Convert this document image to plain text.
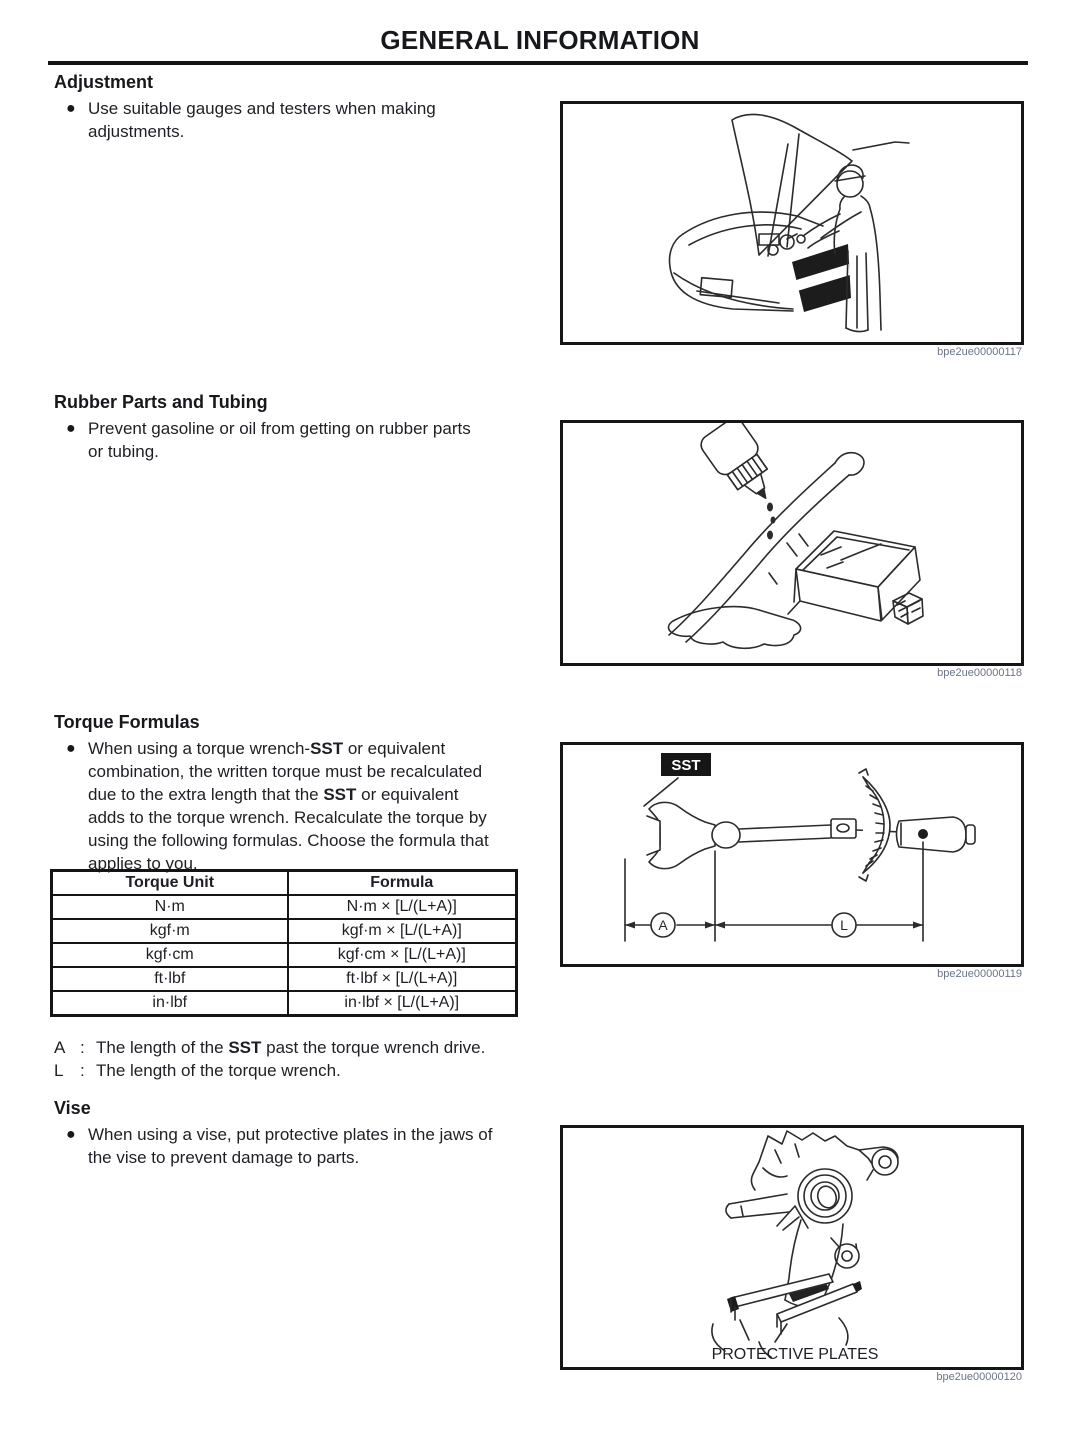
GENERAL INFORMATION
Adjustment
● Use suitable gauges and testers when making adjustments.
Rubber Parts and Tubing
● Prevent gasoline or oil from getting on rubber parts or tubing.
Torque Formulas
● When using a torque wrench-SST or equivalent combination, the written torque must be recalculated due to the extra length that the SST or equivalent adds to the torque wrench. Recalculate the torque by using the following formulas. Choose the formula that applies to you.
Torque Unit	Formula
N·m	N·m × [L/(L+A)]
kgf·m	kgf·m × [L/(L+A)]
kgf·cm	kgf·cm × [L/(L+A)]
ft·lbf	ft·lbf × [L/(L+A)]
in·lbf	in·lbf × [L/(L+A)]
A : The length of the SST past the torque wrench drive.
L : The length of the torque wrench.
Vise
● When using a vise, put protective plates in the jaws of the vise to prevent damage to parts.
bpe2ue00000117
bpe2ue00000118
SST
A	L
bpe2ue00000119
PROTECTIVE PLATES
bpe2ue00000120
